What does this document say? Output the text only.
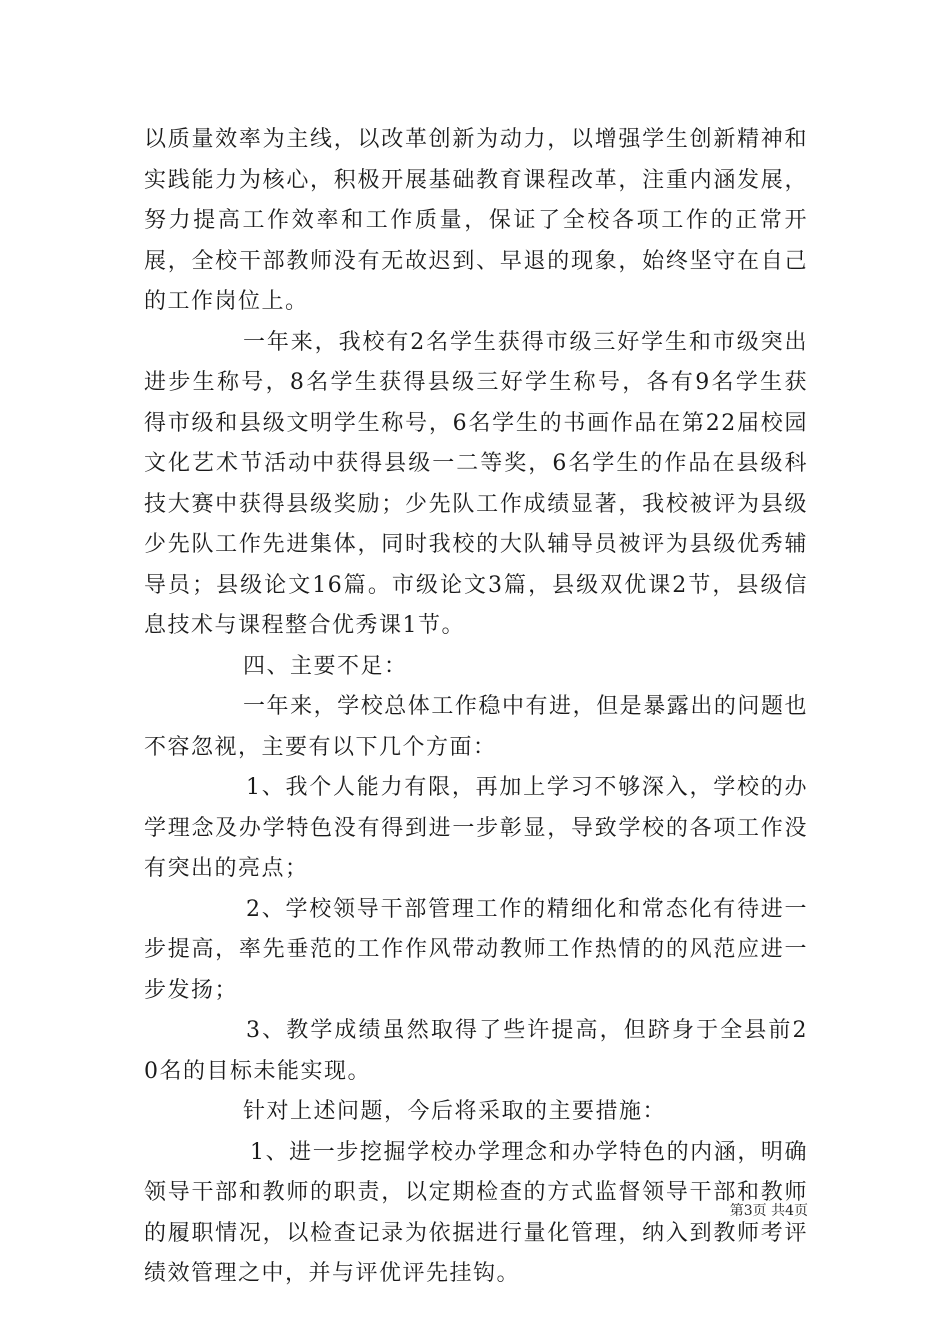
以质量效率为主线，以改革创新为动力，以增强学生创新精神和实践能力为核心，积极开展基础教育课程改革，注重内涵发展，努力提高工作效率和工作质量，保证了全校各项工作的正常开展，全校干部教师没有无故迟到、早退的现象，始终坚守在自己的工作岗位上。

一年来，我校有2名学生获得市级三好学生和市级突出进步生称号，8名学生获得县级三好学生称号，各有9名学生获得市级和县级文明学生称号，6名学生的书画作品在第22届校园文化艺术节活动中获得县级一二等奖，6名学生的作品在县级科技大赛中获得县级奖励；少先队工作成绩显著，我校被评为县级少先队工作先进集体，同时我校的大队辅导员被评为县级优秀辅导员；县级论文16篇。市级论文3篇，县级双优课2节，县级信息技术与课程整合优秀课1节。

四、主要不足：

一年来，学校总体工作稳中有进，但是暴露出的问题也不容忽视，主要有以下几个方面：

1、我个人能力有限，再加上学习不够深入，学校的办学理念及办学特色没有得到进一步彰显，导致学校的各项工作没有突出的亮点；

2、学校领导干部管理工作的精细化和常态化有待进一步提高，率先垂范的工作作风带动教师工作热情的的风范应进一步发扬；

3、教学成绩虽然取得了些许提高，但跻身于全县前20名的目标未能实现。

针对上述问题，今后将采取的主要措施：

1、进一步挖掘学校办学理念和办学特色的内涵，明确领导干部和教师的职责，以定期检查的方式监督领导干部和教师的履职情况，以检查记录为依据进行量化管理，纳入到教师考评绩效管理之中，并与评优评先挂钩。

第3页 共4页
